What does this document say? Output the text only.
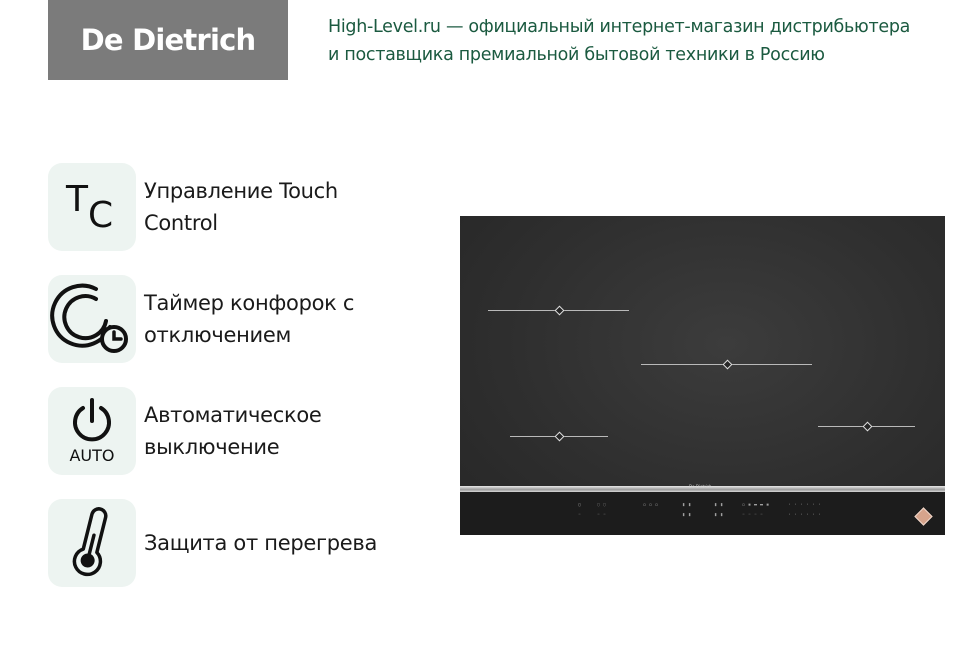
De Dietrich	High-Level.ru — официальный интернет-магазин дистрибьютера
и поставщика премиальной бытовой техники в Россию
TC
Управление Touch
Control
Таймер конфорок с
отключением
AUTO
Автоматическое
выключение
Защита от перегрева
De Dietrich
▯	◌ ◌	▫ ▫ ▫	▮ ▮	▮ ▮	▫ ▪ ▬ ▬ ▪	· · · · · ·
◦	◦ ◦	▮ ▮	▮ ▮	◦ ◦ ◦ ◦	· · · · · ·
